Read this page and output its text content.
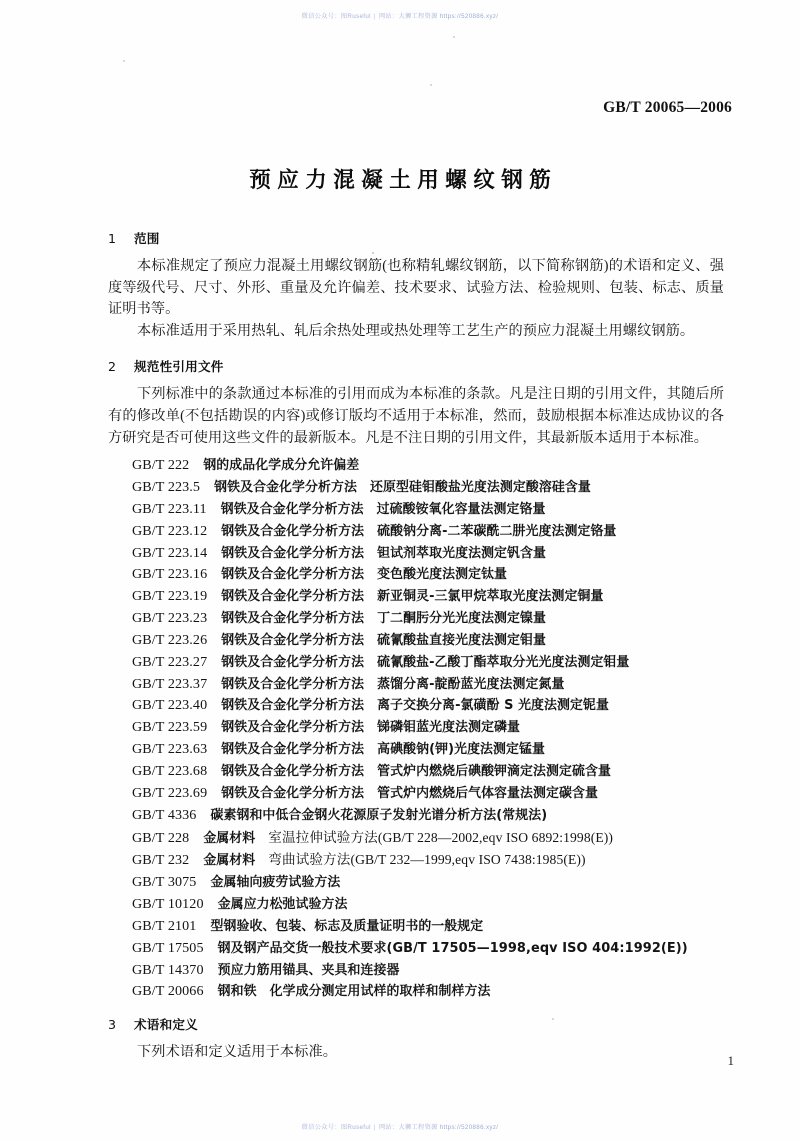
微信公众号：图Ruseful | 网站：大狮工程资源 https://520886.xyz/
GB/T 20065—2006
预应力混凝土用螺纹钢筋
1 范围

本标准规定了预应力混凝土用螺纹钢筋(也称精轧螺纹钢筋，以下简称钢筋)的术语和定义、强度等级代号、尺寸、外形、重量及允许偏差、技术要求、试验方法、检验规则、包装、标志、质量证明书等。

本标准适用于采用热轧、轧后余热处理或热处理等工艺生产的预应力混凝土用螺纹钢筋。

2 规范性引用文件

下列标准中的条款通过本标准的引用而成为本标准的条款。凡是注日期的引用文件，其随后所有的修改单(不包括勘误的内容)或修订版均不适用于本标准，然而，鼓励根据本标准达成协议的各方研究是否可使用这些文件的最新版本。凡是不注日期的引用文件，其最新版本适用于本标准。

GB/T 222 钢的成品化学成分允许偏差
GB/T 223.5 钢铁及合金化学分析方法 还原型硅钼酸盐光度法测定酸溶硅含量
GB/T 223.11 钢铁及合金化学分析方法 过硫酸铵氧化容量法测定铬量
GB/T 223.12 钢铁及合金化学分析方法 硫酸钠分离-二苯碳酰二肼光度法测定铬量
GB/T 223.14 钢铁及合金化学分析方法 钽试剂萃取光度法测定钒含量
GB/T 223.16 钢铁及合金化学分析方法 变色酸光度法测定钛量
GB/T 223.19 钢铁及合金化学分析方法 新亚铜灵-三氯甲烷萃取光度法测定铜量
GB/T 223.23 钢铁及合金化学分析方法 丁二酮肟分光光度法测定镍量
GB/T 223.26 钢铁及合金化学分析方法 硫氰酸盐直接光度法测定钼量
GB/T 223.27 钢铁及合金化学分析方法 硫氰酸盐-乙酸丁酯萃取分光光度法测定钼量
GB/T 223.37 钢铁及合金化学分析方法 蒸馏分离-靛酚蓝光度法测定氮量
GB/T 223.40 钢铁及合金化学分析方法 离子交换分离-氯磺酚 S 光度法测定铌量
GB/T 223.59 钢铁及合金化学分析方法 锑磷钼蓝光度法测定磷量
GB/T 223.63 钢铁及合金化学分析方法 高碘酸钠(钾)光度法测定锰量
GB/T 223.68 钢铁及合金化学分析方法 管式炉内燃烧后碘酸钾滴定法测定硫含量
GB/T 223.69 钢铁及合金化学分析方法 管式炉内燃烧后气体容量法测定碳含量
GB/T 4336 碳素钢和中低合金钢火花源原子发射光谱分析方法(常规法)
GB/T 228 金属材料 室温拉伸试验方法(GB/T 228—2002,eqv ISO 6892:1998(E))
GB/T 232 金属材料 弯曲试验方法(GB/T 232—1999,eqv ISO 7438:1985(E))
GB/T 3075 金属轴向疲劳试验方法
GB/T 10120 金属应力松弛试验方法
GB/T 2101 型钢验收、包装、标志及质量证明书的一般规定
GB/T 17505 钢及钢产品交货一般技术要求(GB/T 17505—1998,eqv ISO 404:1992(E))
GB/T 14370 预应力筋用锚具、夹具和连接器
GB/T 20066 钢和铁 化学成分测定用试样的取样和制样方法
3 术语和定义

下列术语和定义适用于本标准。

1
微信公众号：图Ruseful | 网站：大狮工程资源 https://520886.xyz/
